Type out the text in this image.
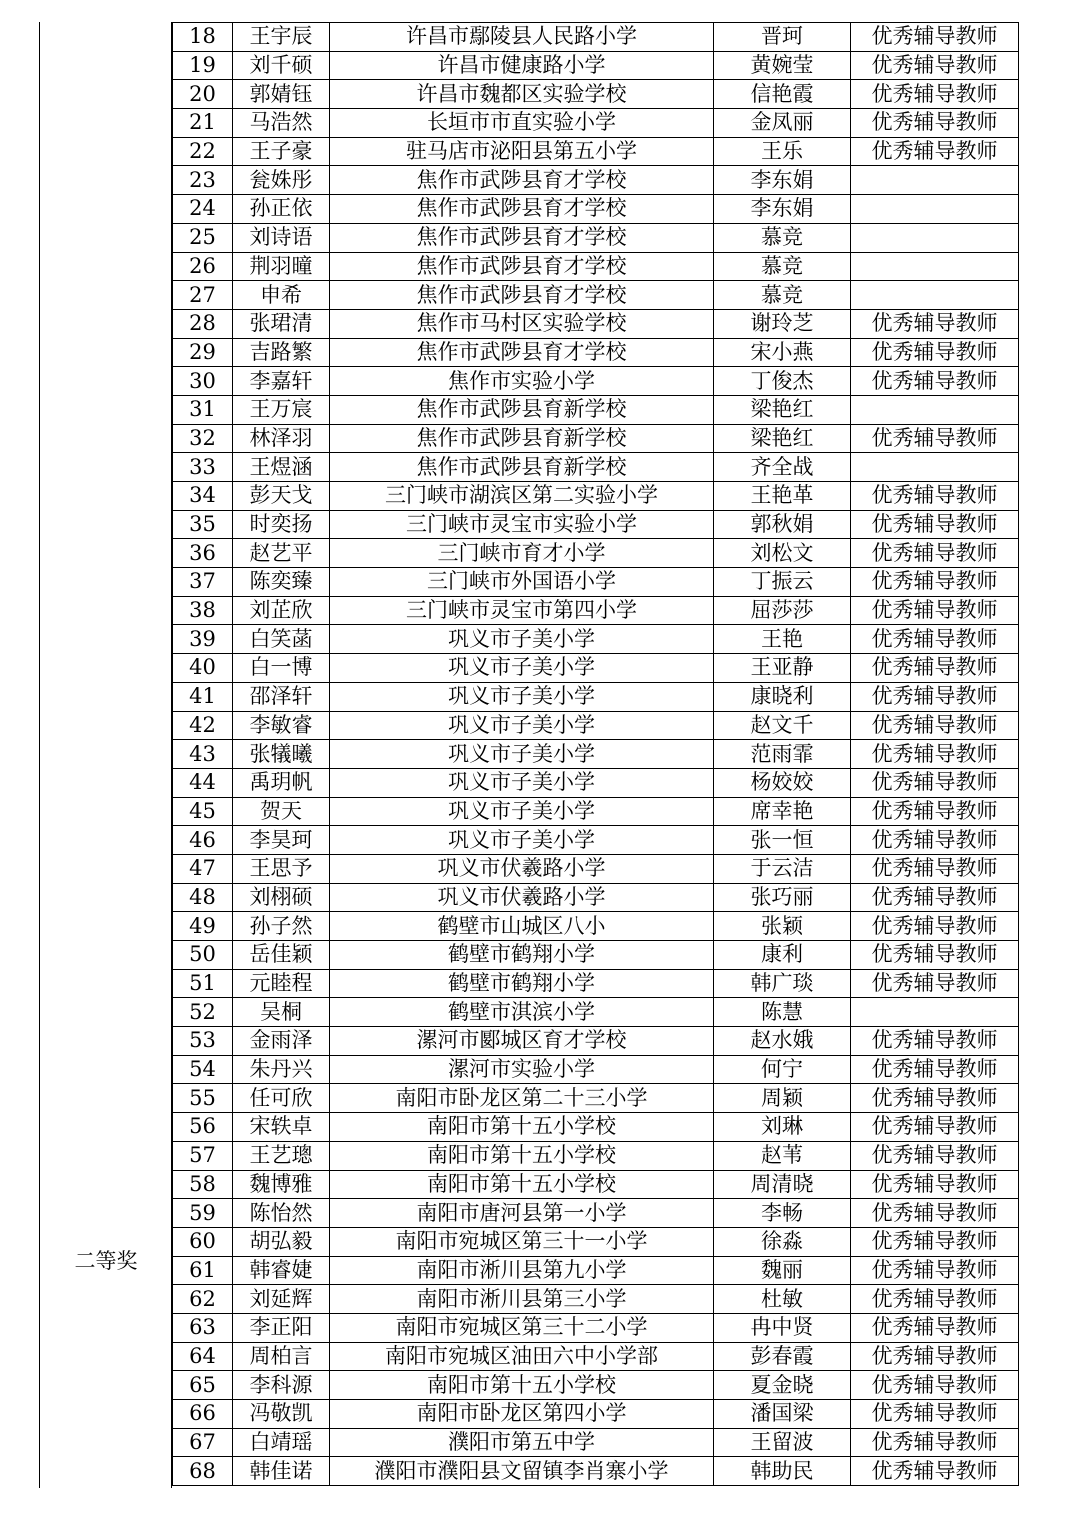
二等奖
18	王宇辰	许昌市鄢陵县人民路小学	晋珂	优秀辅导教师
19	刘千硕	许昌市健康路小学	黄婉莹	优秀辅导教师
20	郭婧钰	许昌市魏都区实验学校	信艳霞	优秀辅导教师
21	马浩然	长垣市市直实验小学	金凤丽	优秀辅导教师
22	王子豪	驻马店市泌阳县第五小学	王乐	优秀辅导教师
23	瓮姝彤	焦作市武陟县育才学校	李东娟	
24	孙正依	焦作市武陟县育才学校	李东娟	
25	刘诗语	焦作市武陟县育才学校	慕竞	
26	荆羽曈	焦作市武陟县育才学校	慕竞	
27	申希	焦作市武陟县育才学校	慕竞	
28	张珺清	焦作市马村区实验学校	谢玲芝	优秀辅导教师
29	吉路繁	焦作市武陟县育才学校	宋小燕	优秀辅导教师
30	李嘉轩	焦作市实验小学	丁俊杰	优秀辅导教师
31	王万宸	焦作市武陟县育新学校	梁艳红	
32	林泽羽	焦作市武陟县育新学校	梁艳红	优秀辅导教师
33	王煜涵	焦作市武陟县育新学校	齐全战	
34	彭天戈	三门峡市湖滨区第二实验小学	王艳革	优秀辅导教师
35	时奕扬	三门峡市灵宝市实验小学	郭秋娟	优秀辅导教师
36	赵艺平	三门峡市育才小学	刘松文	优秀辅导教师
37	陈奕臻	三门峡市外国语小学	丁振云	优秀辅导教师
38	刘芷欣	三门峡市灵宝市第四小学	屈莎莎	优秀辅导教师
39	白笑菡	巩义市子美小学	王艳	优秀辅导教师
40	白一博	巩义市子美小学	王亚静	优秀辅导教师
41	邵泽轩	巩义市子美小学	康晓利	优秀辅导教师
42	李敏睿	巩义市子美小学	赵文千	优秀辅导教师
43	张犠曦	巩义市子美小学	范雨霏	优秀辅导教师
44	禹玥帆	巩义市子美小学	杨姣姣	优秀辅导教师
45	贺天	巩义市子美小学	席幸艳	优秀辅导教师
46	李昊珂	巩义市子美小学	张一恒	优秀辅导教师
47	王思予	巩义市伏羲路小学	于云洁	优秀辅导教师
48	刘栩硕	巩义市伏羲路小学	张巧丽	优秀辅导教师
49	孙子然	鹤壁市山城区八小	张颖	优秀辅导教师
50	岳佳颖	鹤壁市鹤翔小学	康利	优秀辅导教师
51	元睦程	鹤壁市鹤翔小学	韩广琰	优秀辅导教师
52	吴桐	鹤壁市淇滨小学	陈慧	
53	金雨泽	漯河市郾城区育才学校	赵水娥	优秀辅导教师
54	朱丹兴	漯河市实验小学	何宁	优秀辅导教师
55	任可欣	南阳市卧龙区第二十三小学	周颖	优秀辅导教师
56	宋轶卓	南阳市第十五小学校	刘琳	优秀辅导教师
57	王艺璁	南阳市第十五小学校	赵苇	优秀辅导教师
58	魏博雅	南阳市第十五小学校	周清晓	优秀辅导教师
59	陈怡然	南阳市唐河县第一小学	李畅	优秀辅导教师
60	胡弘毅	南阳市宛城区第三十一小学	徐淼	优秀辅导教师
61	韩睿婕	南阳市淅川县第九小学	魏丽	优秀辅导教师
62	刘延辉	南阳市淅川县第三小学	杜敏	优秀辅导教师
63	李正阳	南阳市宛城区第三十二小学	冉中贤	优秀辅导教师
64	周柏言	南阳市宛城区油田六中小学部	彭春霞	优秀辅导教师
65	李科源	南阳市第十五小学校	夏金晓	优秀辅导教师
66	冯敬凯	南阳市卧龙区第四小学	潘国梁	优秀辅导教师
67	白靖瑶	濮阳市第五中学	王留波	优秀辅导教师
68	韩佳诺	濮阳市濮阳县文留镇李肖寨小学	韩助民	优秀辅导教师
